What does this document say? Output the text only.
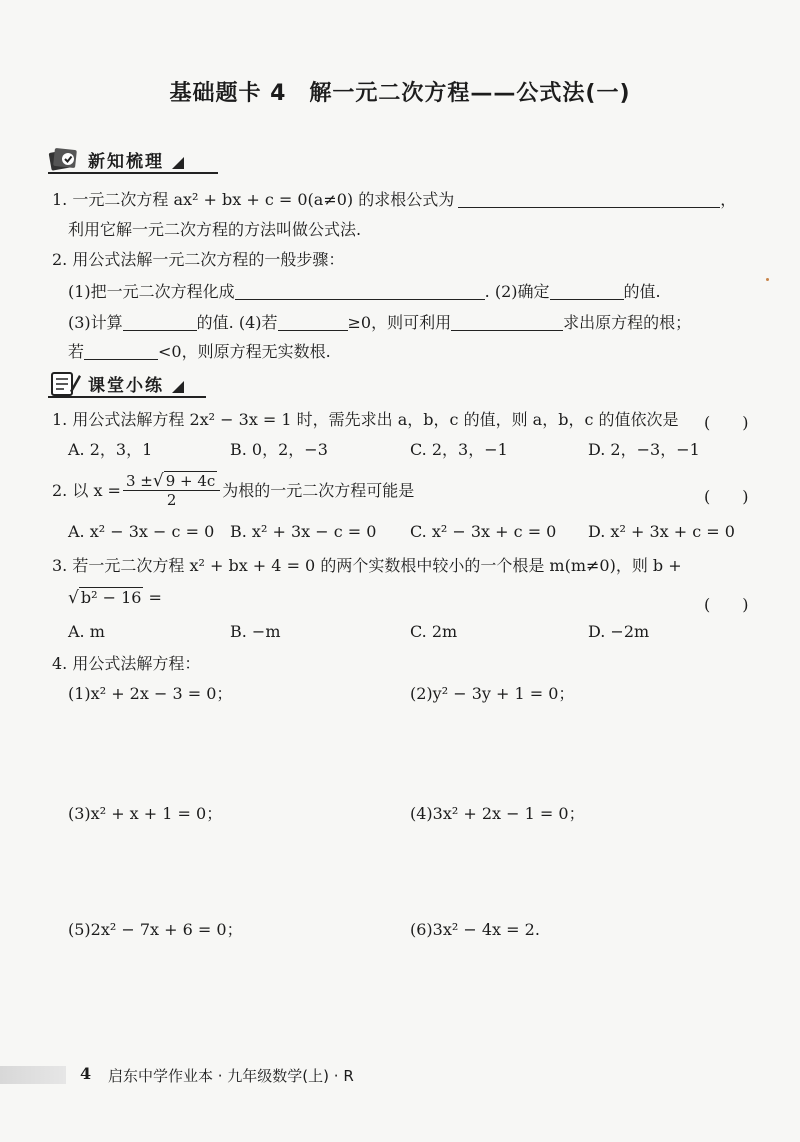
基础题卡 4　解一元二次方程——公式法(一)
新知梳理
1. 一元二次方程 ax² + bx + c = 0(a≠0) 的求根公式为	，
利用它解一元二次方程的方法叫做公式法.
2. 用公式法解一元二次方程的一般步骤：
(1)把一元二次方程化成	. (2)确定	的值.
(3)计算	的值. (4)若	≥0，则可利用	求出原方程的根；
若	<0，则原方程无实数根.
课堂小练
1. 用公式法解方程 2x² − 3x = 1 时，需先求出 a，b，c 的值，则 a，b，c 的值依次是 (　　)
A. 2，3，1	B. 0，2，−3	C. 2，3，−1	D. 2，−3，−1
2. 以 $x = \frac{3 \pm√ 9 + 4c}{2}$ 为根的一元二次方程可能是	(　　)
A. x² − 3x − c = 0 B. x² + 3x − c = 0 C. x² − 3x + c = 0 D. x² + 3x + c = 0
3. 若一元二次方程 x² + bx + 4 = 0 的两个实数根中较小的一个根是 m(m≠0)，则 b +
√ b² − 16 =	(　　)
A. m	B. −m	C. 2m	D. −2m
4. 用公式法解方程：
(1)x² + 2x − 3 = 0；	(2)y² − 3y + 1 = 0；
(3)x² + x + 1 = 0；	(4)3x² + 2x − 1 = 0；
(5)2x² − 7x + 6 = 0；	(6)3x² − 4x = 2.
4 启东中学作业本 · 九年级数学(上) · R
